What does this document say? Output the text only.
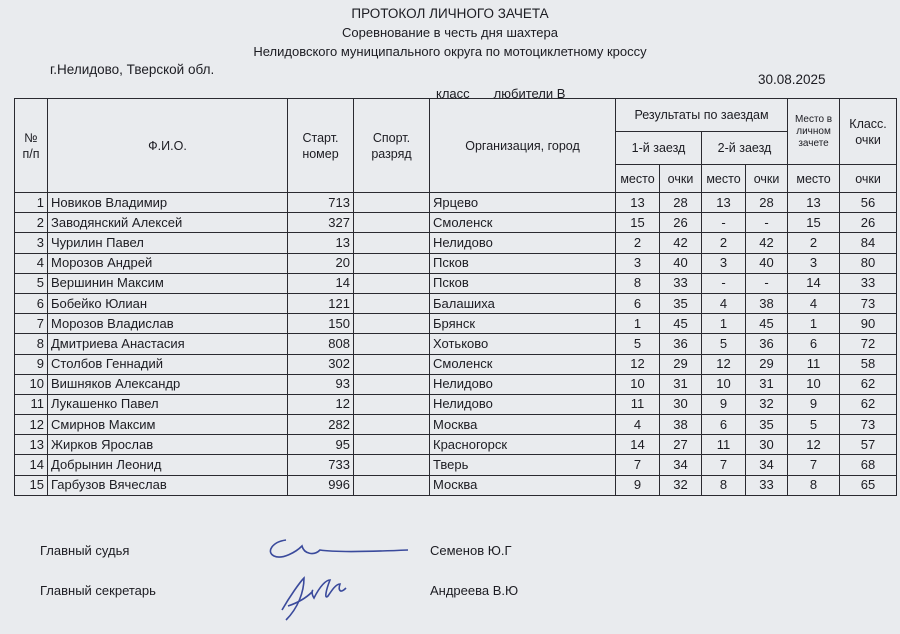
ПРОТОКОЛ ЛИЧНОГО ЗАЧЕТА
Соревнование в честь дня шахтера
Нелидовского муниципального округа по мотоциклетному кроссу
г.Нелидово, Тверской обл.
30.08.2025
класс любители В
№ п/п	Ф.И.О.	Старт. номер	Спорт. разряд	Организация, город	Результаты по заездам				Место в личном зачете	Класс. очки
					1-й заезд		2-й заезд			
					место	очки	место	очки	место	очки
1	Новиков Владимир	713		Ярцево	13	28	13	28	13	56
2	Заводянский Алексей	327		Смоленск	15	26	-	-	15	26
3	Чурилин Павел	13		Нелидово	2	42	2	42	2	84
4	Морозов Андрей	20		Псков	3	40	3	40	3	80
5	Вершинин Максим	14		Псков	8	33	-	-	14	33
6	Бобейко Юлиан	121		Балашиха	6	35	4	38	4	73
7	Морозов Владислав	150		Брянск	1	45	1	45	1	90
8	Дмитриева Анастасия	808		Хотьково	5	36	5	36	6	72
9	Столбов Геннадий	302		Смоленск	12	29	12	29	11	58
10	Вишняков Александр	93		Нелидово	10	31	10	31	10	62
11	Лукашенко Павел	12		Нелидово	11	30	9	32	9	62
12	Смирнов Максим	282		Москва	4	38	6	35	5	73
13	Жирков Ярослав	95		Красногорск	14	27	11	30	12	57
14	Добрынин Леонид	733		Тверь	7	34	7	34	7	68
15	Гарбузов Вячеслав	996		Москва	9	32	8	33	8	65
Главный судья	Семенов Ю.Г
Главный секретарь	Андреева В.Ю
